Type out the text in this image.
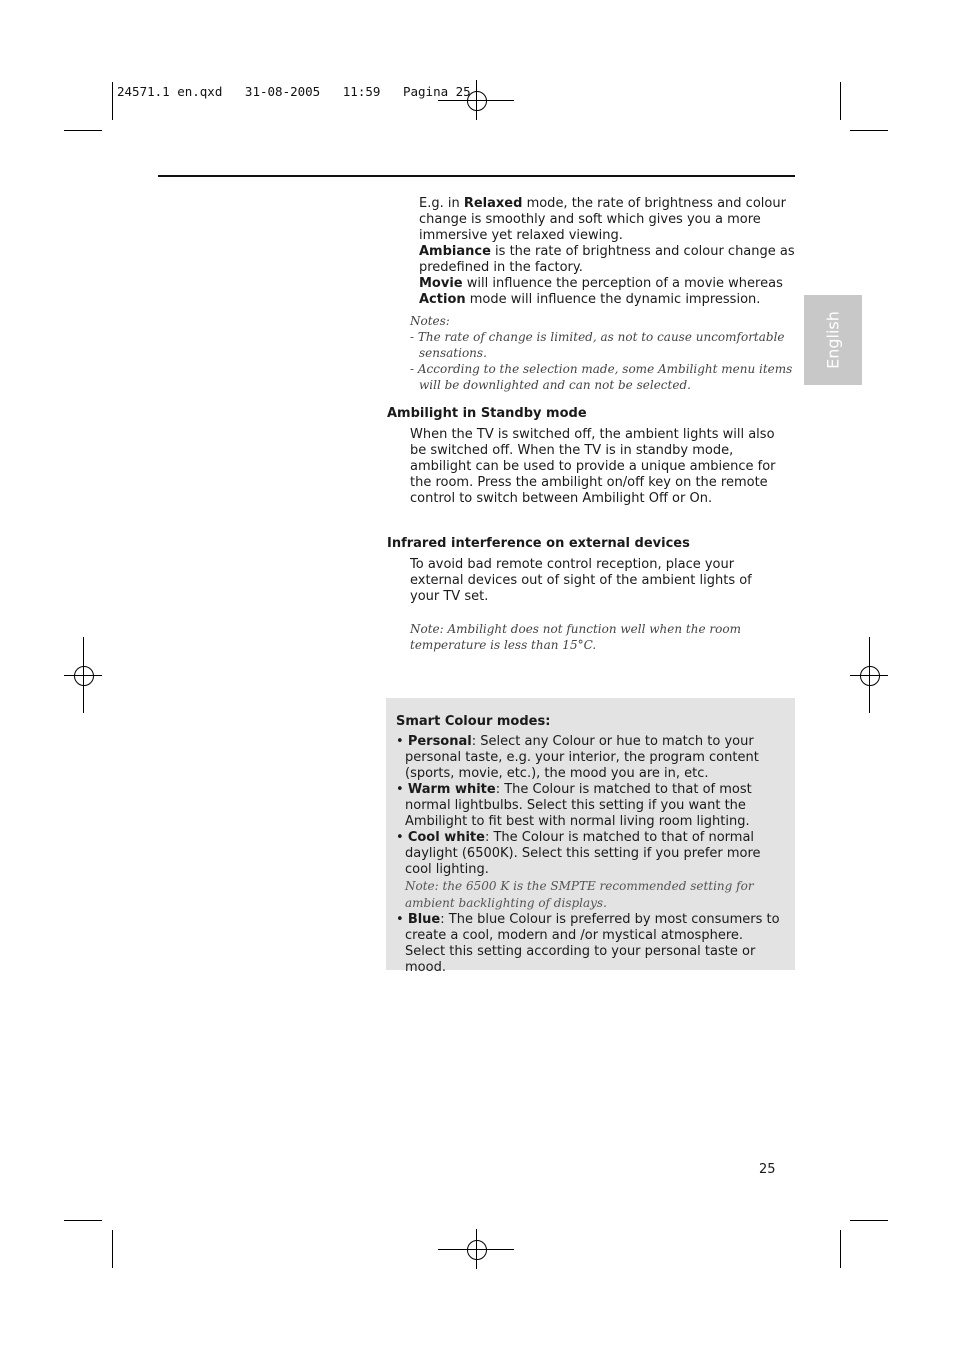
24571.1 en.qxd   31-08-2005   11:59   Pagina 25
English

E.g. in Relaxed mode, the rate of brightness and colour change is smoothly and soft which gives you a more immersive yet relaxed viewing.

Ambiance is the rate of brightness and colour change as predefined in the factory.

Movie will influence the perception of a movie whereas

Action mode will influence the dynamic impression.

Notes:

- The rate of change is limited, as not to cause uncomfortable sensations.

- According to the selection made, some Ambilight menu items will be downlighted and can not be selected.

Ambilight in Standby mode
When the TV is switched off, the ambient lights will also be switched off. When the TV is in standby mode, ambilight can be used to provide a unique ambience for the room. Press the ambilight on/off key on the remote control to switch between Ambilight Off or On.
Infrared interference on external devices
To avoid bad remote control reception, place your external devices out of sight of the ambient lights of your TV set.
Note: Ambilight does not function well when the room temperature is less than 15°C.
Smart Colour modes:

• Personal: Select any Colour or hue to match to your personal taste, e.g. your interior, the program content (sports, movie, etc.), the mood you are in, etc.

• Warm white: The Colour is matched to that of most normal lightbulbs. Select this setting if you want the Ambilight to fit best with normal living room lighting.

• Cool white: The Colour is matched to that of normal daylight (6500K). Select this setting if you prefer more cool lighting.

Note: the 6500 K is the SMPTE recommended setting for ambient backlighting of displays.

• Blue: The blue Colour is preferred by most consumers to create a cool, modern and /or mystical atmosphere. Select this setting according to your personal taste or mood.

25
